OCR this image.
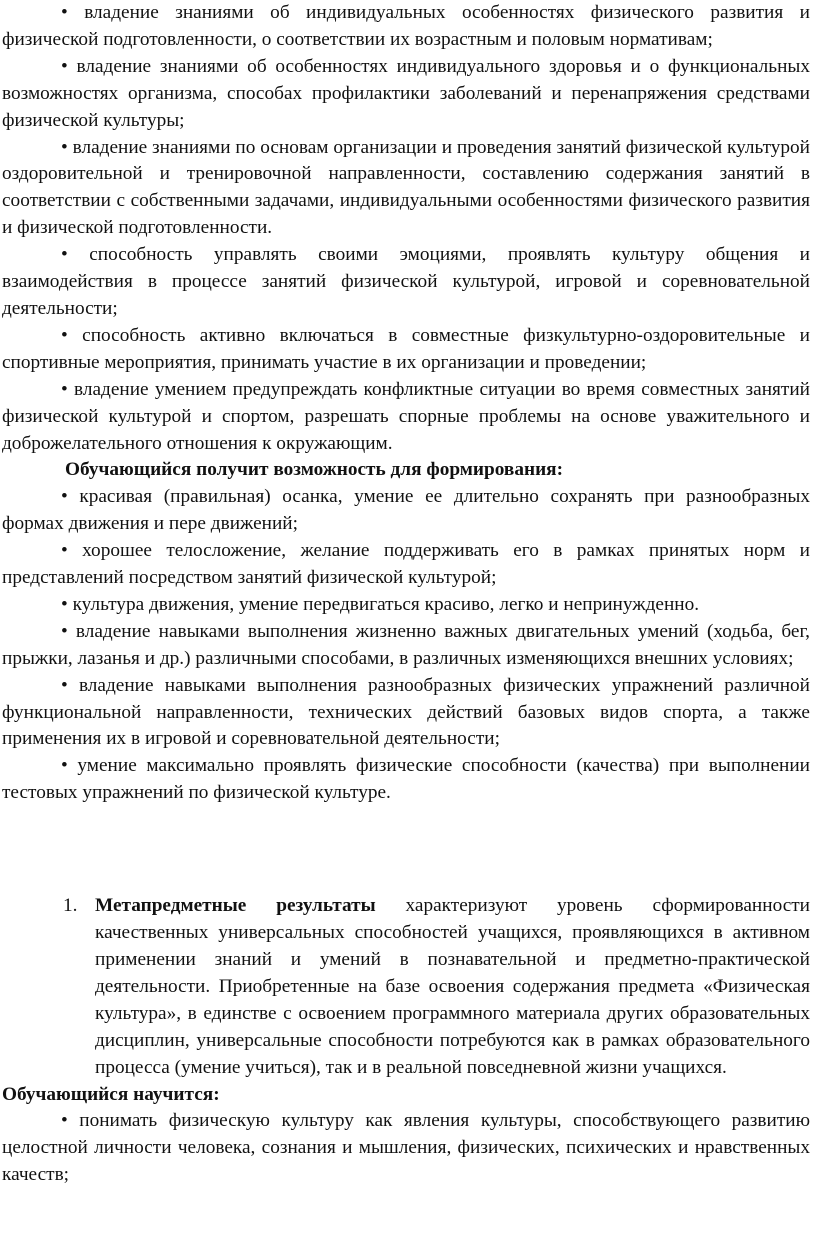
• владение знаниями об индивидуальных особенностях физического развития и физической подготовленности, о соответствии их возрастным и половым нормативам;

• владение знаниями об особенностях индивидуального здоровья и о функциональных возможностях организма, способах профилактики заболеваний и перенапряжения средствами физической культуры;

• владение знаниями по основам организации и проведения занятий физической культурой оздоровительной и тренировочной направленности, составлению содержания занятий в соответствии с собственными задачами, индивидуальными особенностями физического развития и физической подготовленности.

• способность управлять своими эмоциями, проявлять культуру общения и взаимодействия в процессе занятий физической культурой, игровой и соревновательной деятельности;

• способность активно включаться в совместные физкультурно-оздоровительные и спортивные мероприятия, принимать участие в их организации и проведении;

• владение умением предупреждать конфликтные ситуации во время совместных занятий физической культурой и спортом, разрешать спорные проблемы на основе уважительного и доброжелательного отношения к окружающим.

Обучающийся получит возможность для формирования:

• красивая (правильная) осанка, умение ее длительно сохранять при разнообразных формах движения и пере движений;

• хорошее телосложение, желание поддерживать его в рамках принятых норм и представлений посредством занятий физической культурой;

• культура движения, умение передвигаться красиво, легко и непринужденно.

• владение навыками выполнения жизненно важных двигательных умений (ходьба, бег, прыжки, лазанья и др.) различными способами, в различных изменяющихся внешних условиях;

• владение навыками выполнения разнообразных физических упражнений различной функциональной направленности, технических действий базовых видов спорта, а также применения их в игровой и соревновательной деятельности;

• умение максимально проявлять физические способности (качества) при выполнении тестовых упражнений по физической культуре.

1. Метапредметные результаты характеризуют уровень сформированности качественных универсальных способностей учащихся, проявляющихся в активном применении знаний и умений в познавательной и предметно-практической деятельности. Приобретенные на базе освоения содержания предмета «Физическая культура», в единстве с освоением программного материала других образовательных дисциплин, универсальные способности потребуются как в рамках образовательного процесса (умение учиться), так и в реальной повседневной жизни учащихся.

Обучающийся научится:

• понимать физическую культуру как явления культуры, способствующего развитию целостной личности человека, сознания и мышления, физических, психических и нравственных качеств;
